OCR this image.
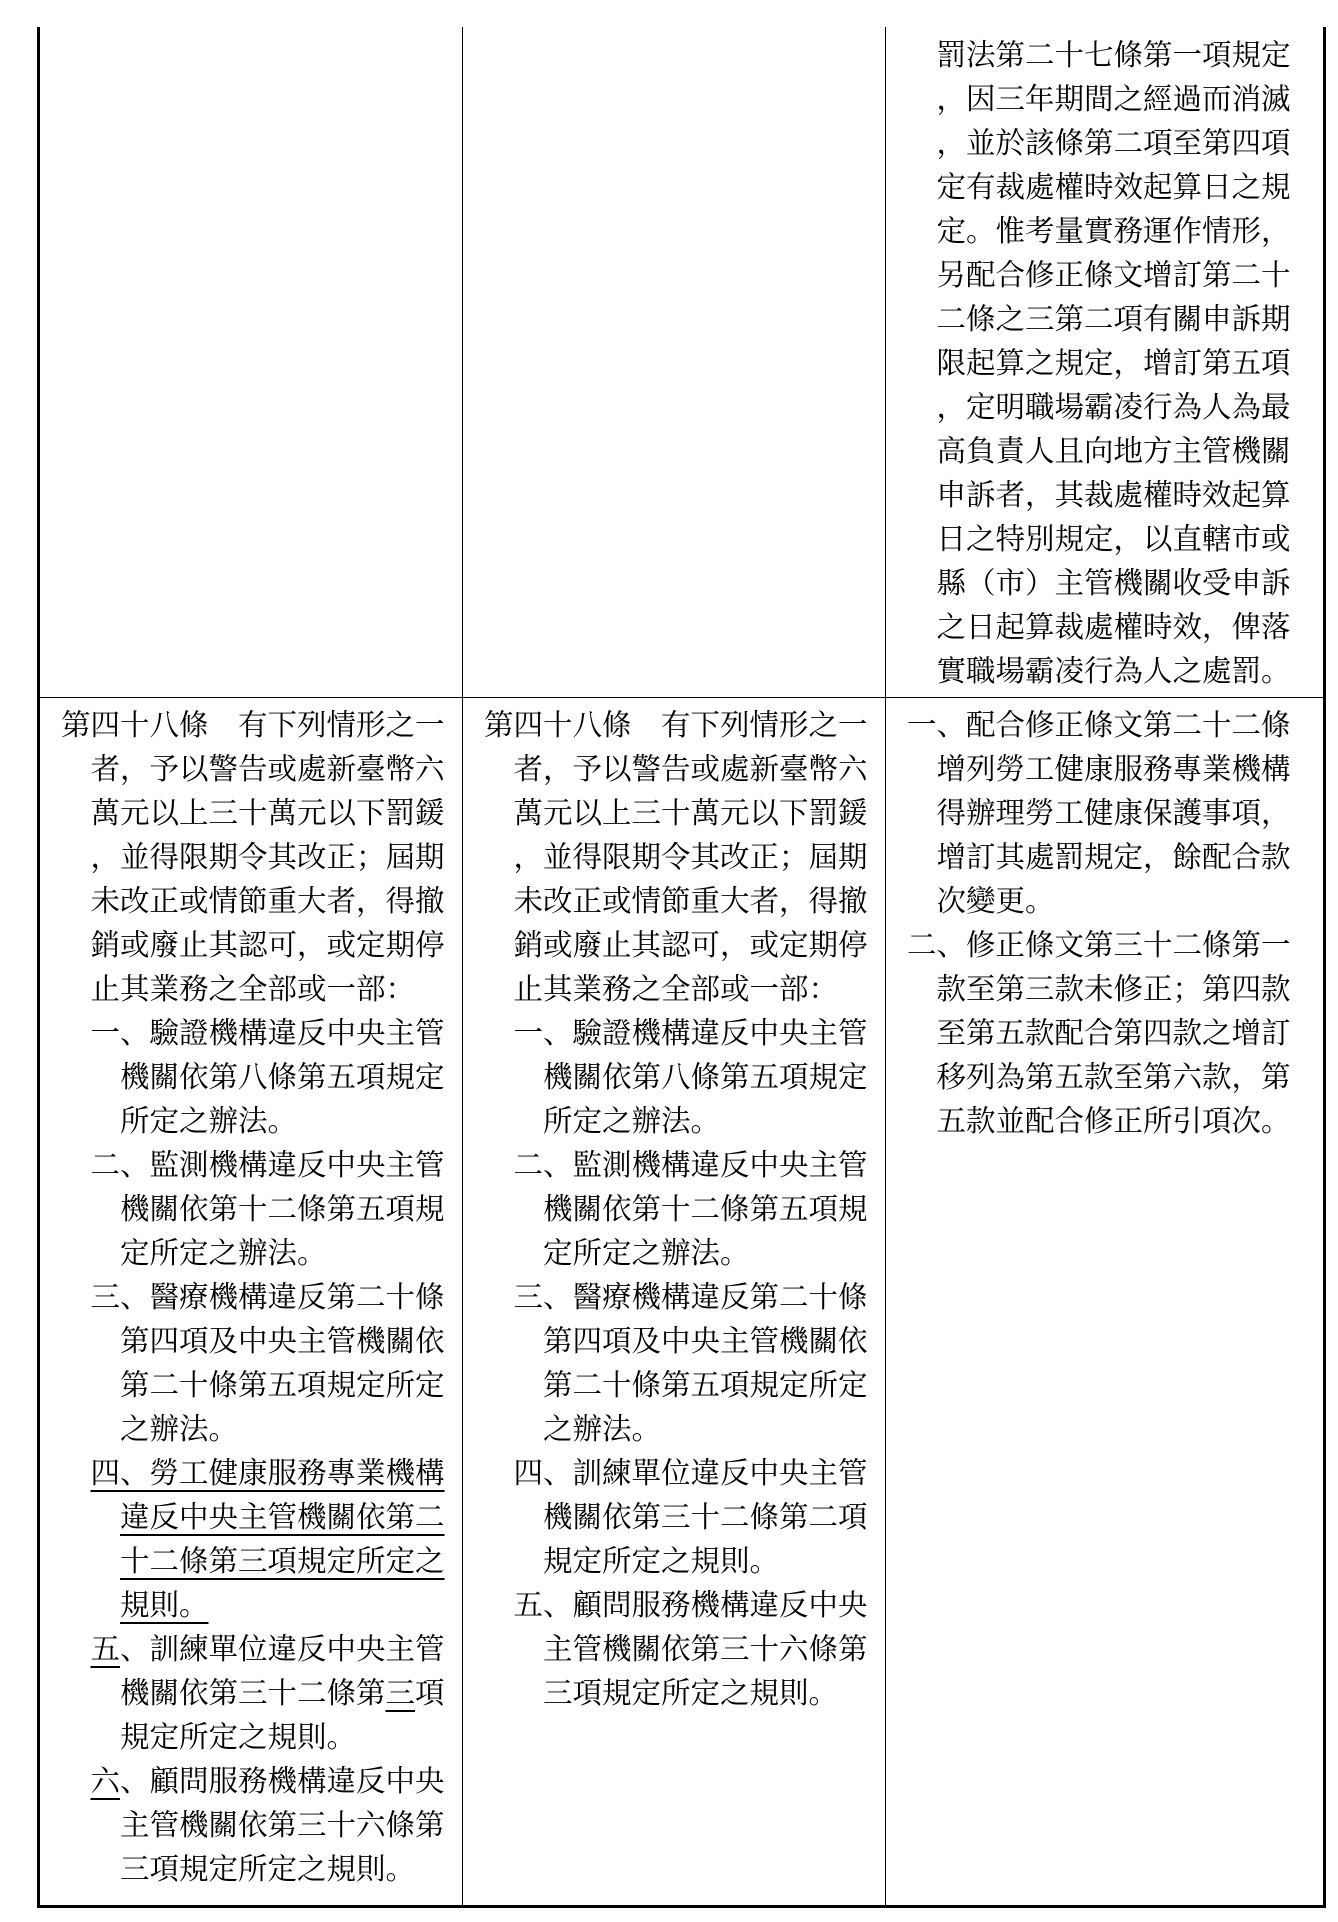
罰法第二十七條第一項規定
，因三年期間之經過而消滅
，並於該條第二項至第四項
定有裁處權時效起算日之規
定。惟考量實務運作情形，
另配合修正條文增訂第二十
二條之三第二項有關申訴期
限起算之規定，增訂第五項
，定明職場霸凌行為人為最
高負責人且向地方主管機關
申訴者，其裁處權時效起算
日之特別規定，以直轄市或
縣（市）主管機關收受申訴
之日起算裁處權時效，俾落
實職場霸凌行為人之處罰。
第四十八條　有下列情形之一
者，予以警告或處新臺幣六
萬元以上三十萬元以下罰鍰
，並得限期令其改正；屆期
未改正或情節重大者，得撤
銷或廢止其認可，或定期停
止其業務之全部或一部：
一、驗證機構違反中央主管
機關依第八條第五項規定
所定之辦法。
二、監測機構違反中央主管
機關依第十二條第五項規
定所定之辦法。
三、醫療機構違反第二十條
第四項及中央主管機關依
第二十條第五項規定所定
之辦法。
四、勞工健康服務專業機構
違反中央主管機關依第二
十二條第三項規定所定之
規則。
五、訓練單位違反中央主管
機關依第三十二條第三項
規定所定之規則。
六、顧問服務機構違反中央
主管機關依第三十六條第
三項規定所定之規則。
第四十八條　有下列情形之一
者，予以警告或處新臺幣六
萬元以上三十萬元以下罰鍰
，並得限期令其改正；屆期
未改正或情節重大者，得撤
銷或廢止其認可，或定期停
止其業務之全部或一部：
一、驗證機構違反中央主管
機關依第八條第五項規定
所定之辦法。
二、監測機構違反中央主管
機關依第十二條第五項規
定所定之辦法。
三、醫療機構違反第二十條
第四項及中央主管機關依
第二十條第五項規定所定
之辦法。
四、訓練單位違反中央主管
機關依第三十二條第二項
規定所定之規則。
五、顧問服務機構違反中央
主管機關依第三十六條第
三項規定所定之規則。
一、配合修正條文第二十二條
增列勞工健康服務專業機構
得辦理勞工健康保護事項，
增訂其處罰規定，餘配合款
次變更。
二、修正條文第三十二條第一
款至第三款未修正；第四款
至第五款配合第四款之增訂
移列為第五款至第六款，第
五款並配合修正所引項次。
